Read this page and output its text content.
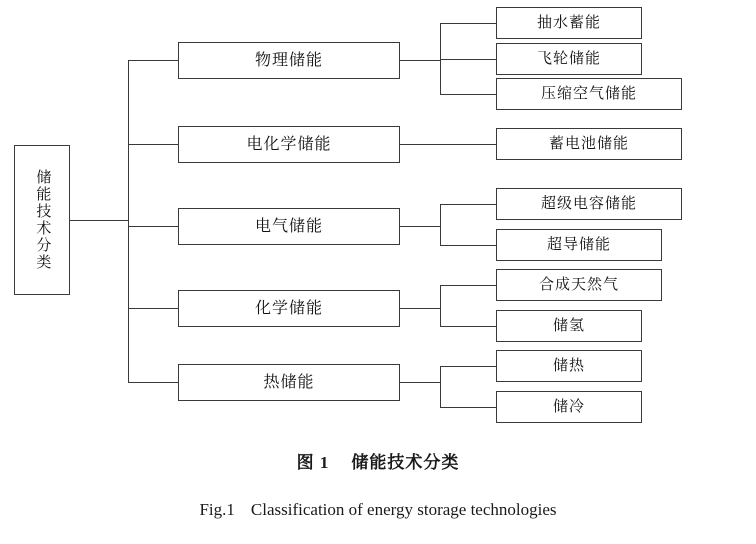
储能技术分类
物理储能
抽水蓄能
飞轮储能
压缩空气储能
电化学储能	蓄电池储能
电气储能
超级电容储能
超导储能
化学储能
合成天然气
储氢
热储能
储热
储冷
图 1 储能技术分类
Fig.1 Classification of energy storage technologies
